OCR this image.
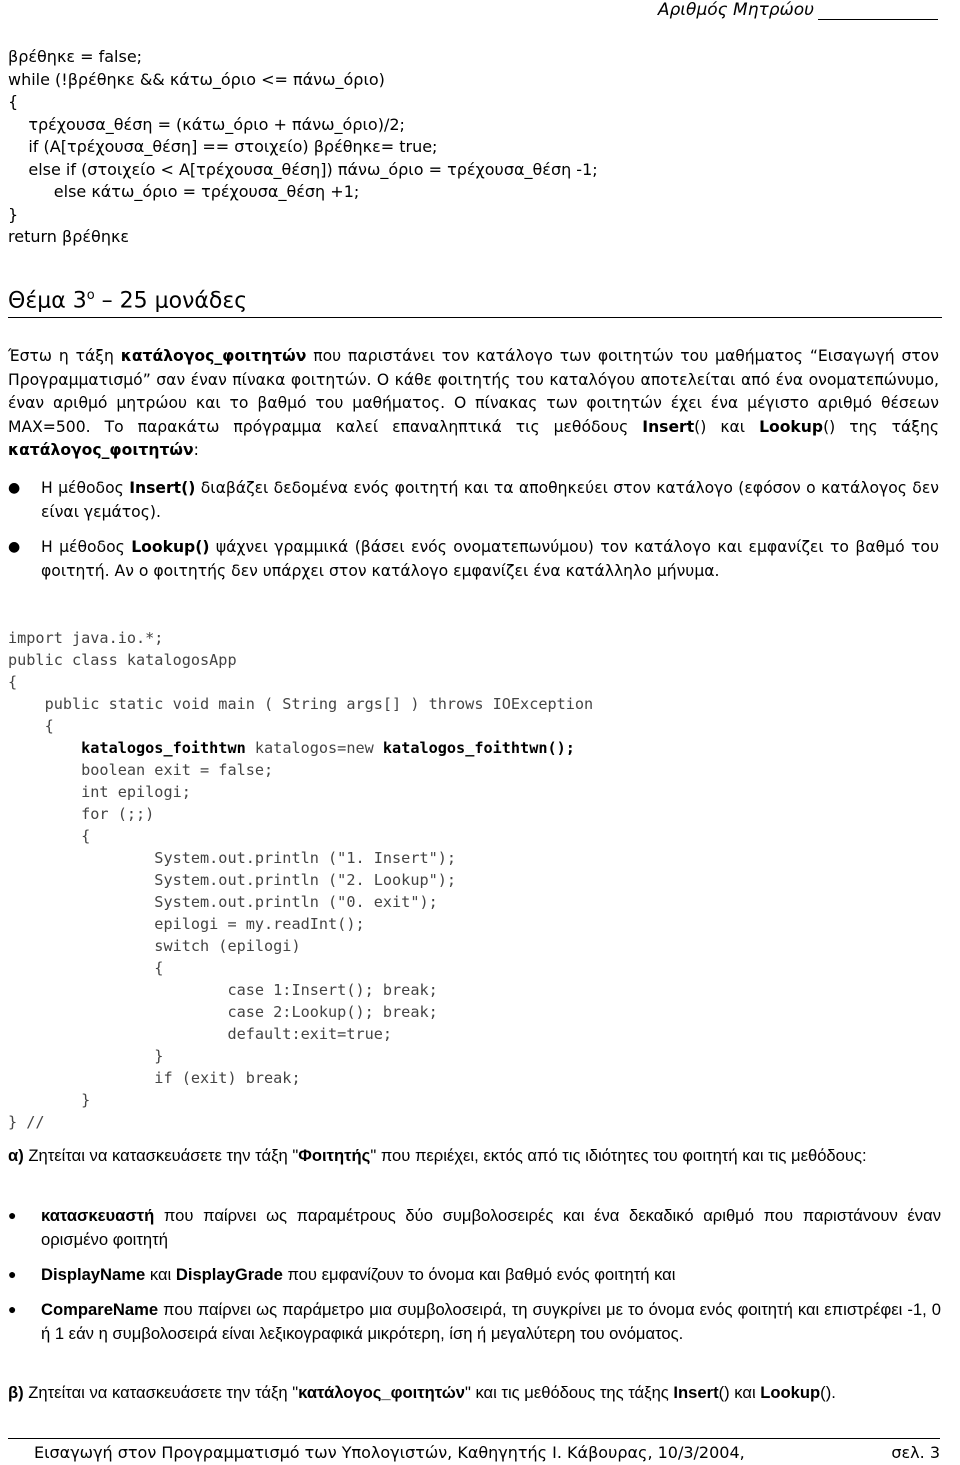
Αριθμός Μητρώου
βρέθηκε = false;
while (!βρέθηκε && κάτω_όριο <= πάνω_όριο)
{
τρέχουσα_θέση = (κάτω_όριο + πάνω_όριο)/2;
if (A[τρέχουσα_θέση] == στοιχείο) βρέθηκε= true;
else if (στοιχείο < A[τρέχουσα_θέση]) πάνω_όριο = τρέχουσα_θέση -1;
else κάτω_όριο = τρέχουσα_θέση +1;
}
return βρέθηκε
Θέμα $3^o - 25$ μονάδες
Έστω η τάξη κατάλογος_φοιτητών που παριστάνει τον κατάλογο των φοιτητών του μαθήματος “Εισαγωγή στον Προγραμματισμό” σαν έναν πίνακα φοιτητών. Ο κάθε φοιτητής του καταλόγου αποτελείται από ένα ονοματεπώνυμο, έναν αριθμό μητρώου και το βαθμό του μαθήματος. Ο πίνακας των φοιτητών έχει ένα μέγιστο αριθμό θέσεων MAX=500. Το παρακάτω πρόγραμμα καλεί επαναληπτικά τις μεθόδους Insert() και Lookup() της τάξης κατάλογος_φοιτητών:
● Η μέθοδος Insert() διαβάζει δεδομένα ενός φοιτητή και τα αποθηκεύει στον κατάλογο (εφόσον ο κατάλογος δεν είναι γεμάτος).
● Η μέθοδος Lookup() ψάχνει γραμμικά (βάσει ενός ονοματεπωνύμου) τον κατάλογο και εμφανίζει το βαθμό του φοιτητή. Αν ο φοιτητής δεν υπάρχει στον κατάλογο εμφανίζει ένα κατάλληλο μήνυμα.
import java.io.*;
public class katalogosApp
{
public static void main ( String args[] ) throws IOException
{
katalogos_foithtwn katalogos=new katalogos_foithtwn();
boolean exit = false;
int epilogi;
for (;;)
{
System.out.println ("1. Insert");
System.out.println ("2. Lookup");
System.out.println ("0. exit");
epilogi = my.readInt();
switch (epilogi)
{
case 1:Insert(); break;
case 2:Lookup(); break;
default:exit=true;
}
if (exit) break;
}
} //
α) Ζητείται να κατασκευάσετε την τάξη "Φοιτητής" που περιέχει, εκτός από τις ιδιότητες του φοιτητή και τις μεθόδους:
● κατασκευαστή που παίρνει ως παραμέτρους δύο συμβολοσειρές και ένα δεκαδικό αριθμό που παριστάνουν έναν ορισμένο φοιτητή
● DisplayName και DisplayGrade που εμφανίζουν το όνομα και βαθμό ενός φοιτητή και
● CompareName που παίρνει ως παράμετρο μια συμβολοσειρά, τη συγκρίνει με το όνομα ενός φοιτητή και επιστρέφει -1, 0 ή 1 εάν η συμβολοσειρά είναι λεξικογραφικά μικρότερη, ίση ή μεγαλύτερη του ονόματος.
β) Ζητείται να κατασκευάσετε την τάξη "κατάλογος_φοιτητών" και τις μεθόδους της τάξης Insert() και Lookup().
Εισαγωγή στον Προγραμματισμό των Υπολογιστών, Καθηγητής Ι. Κάβουρας, 10/3/2004,	σελ. 3
